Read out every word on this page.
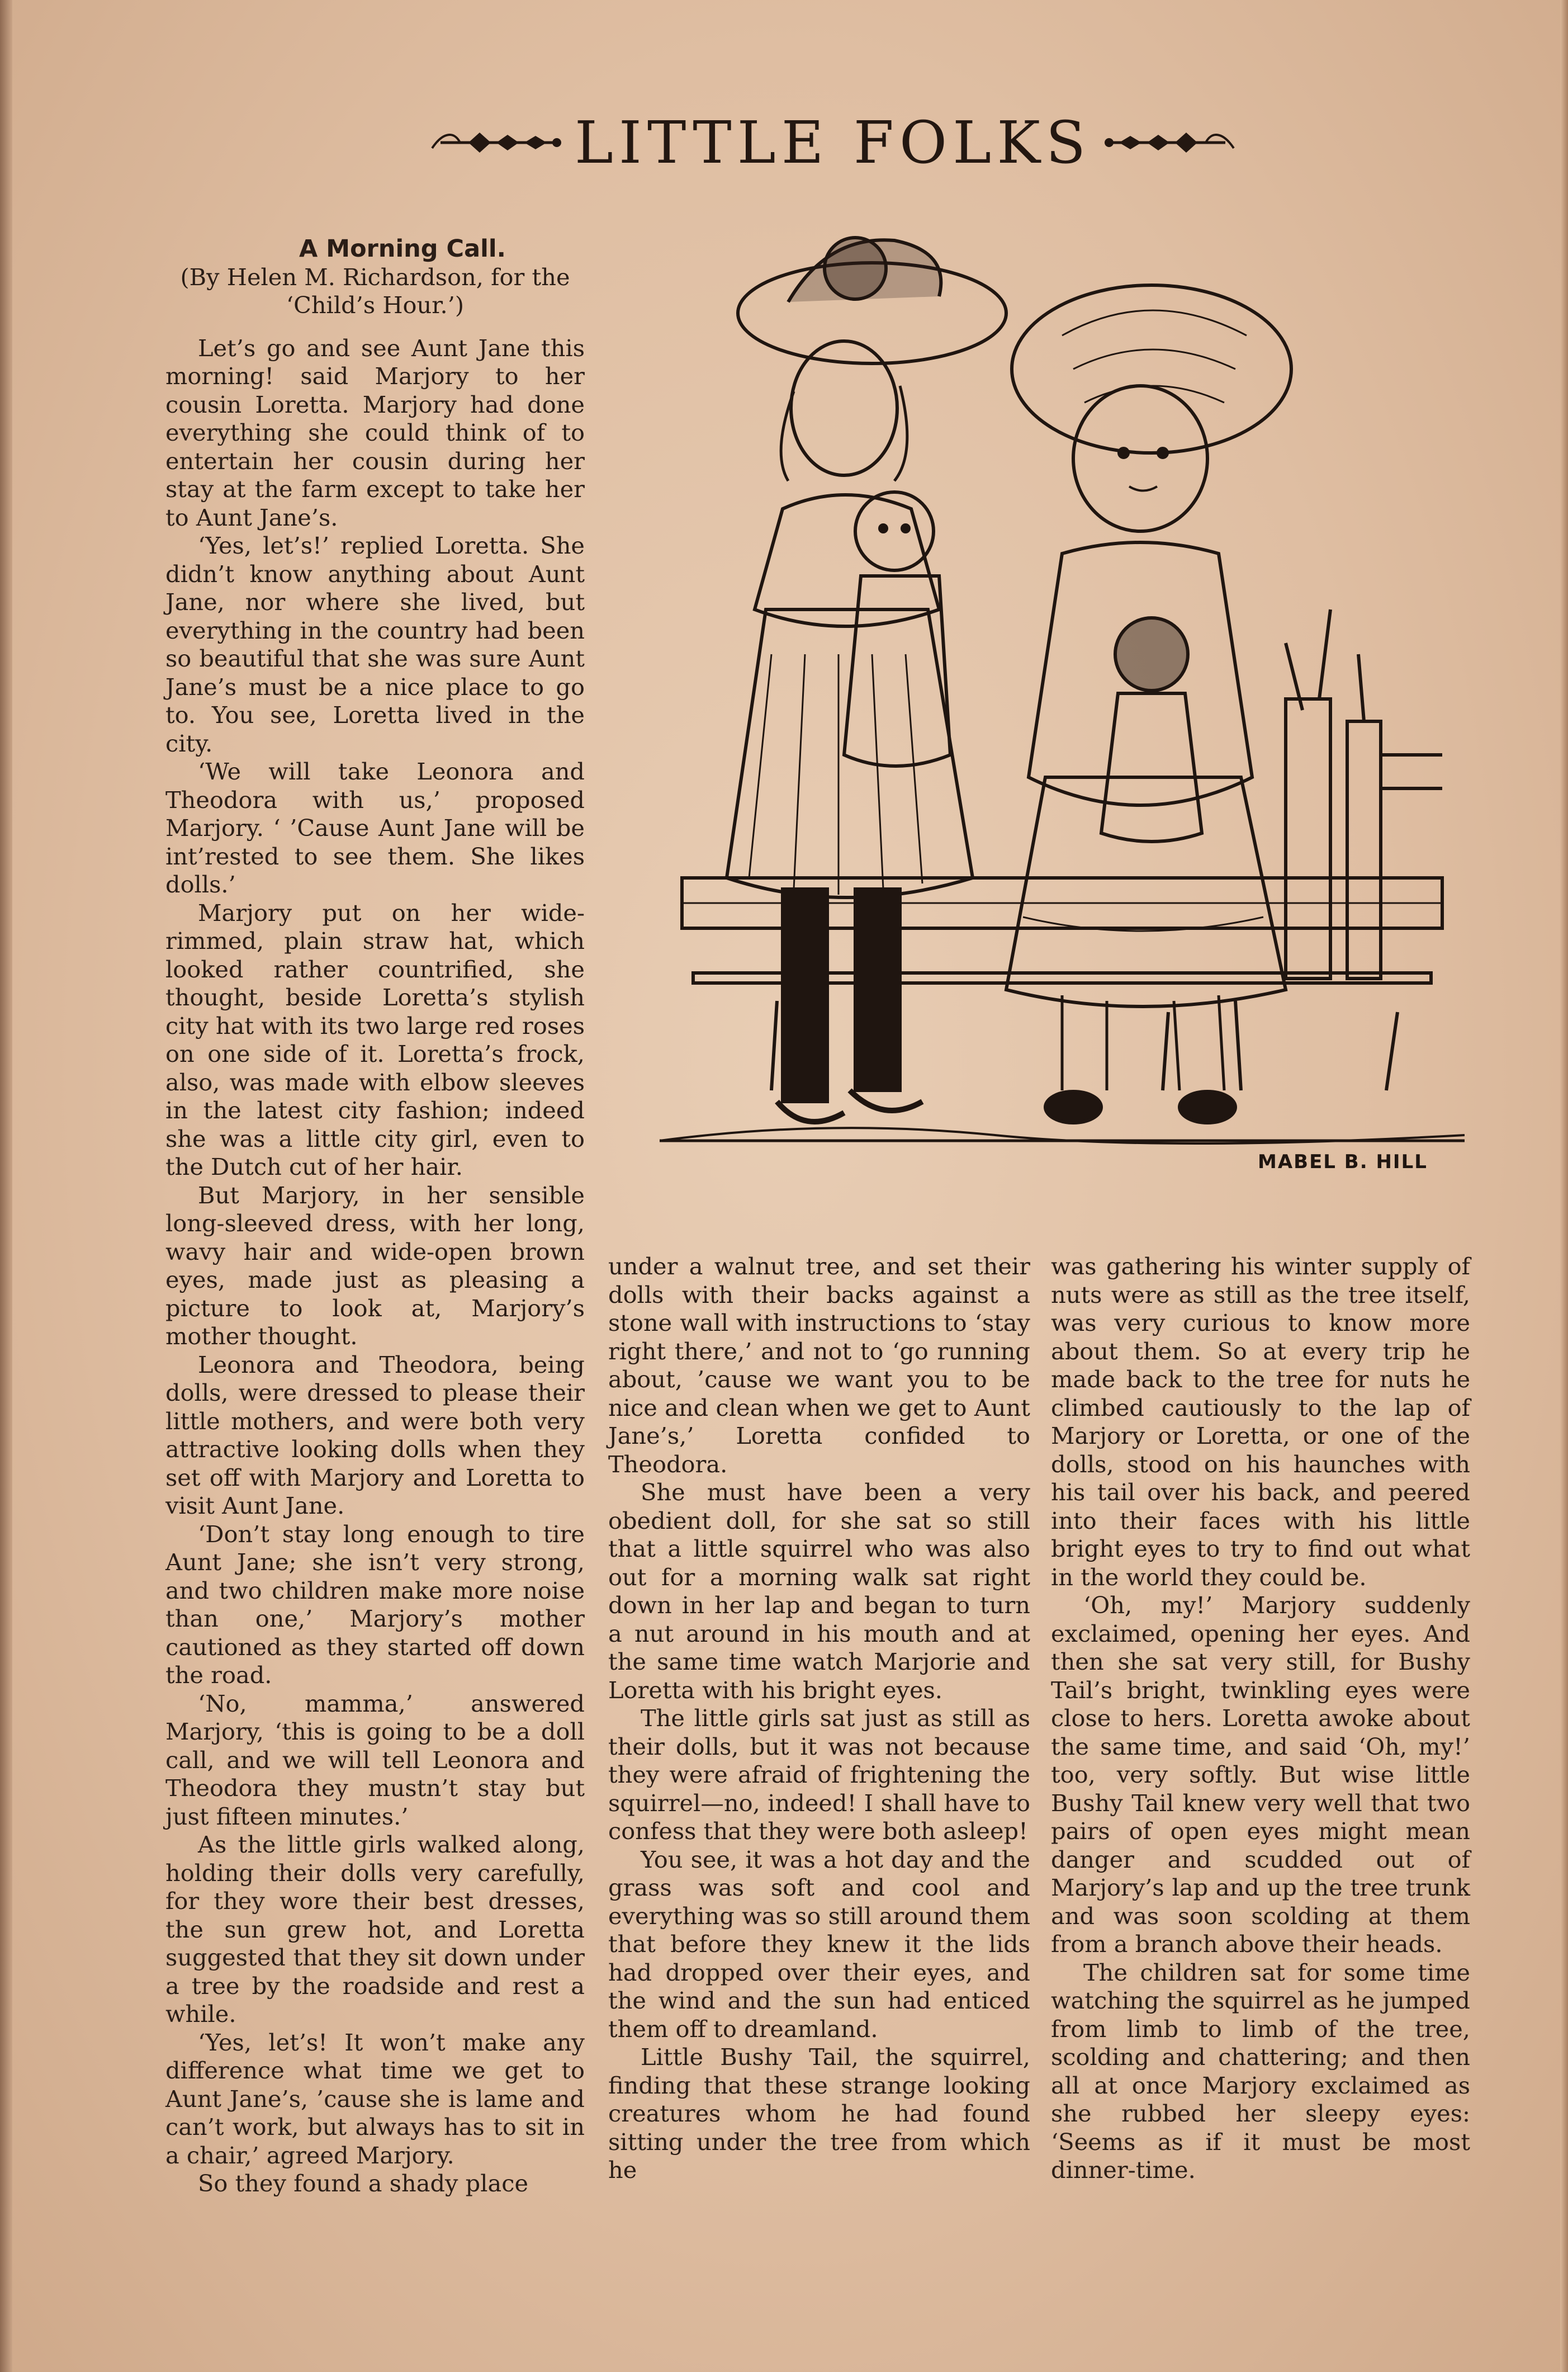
LITTLE FOLKS

A Morning Call.

(By Helen M. Richardson, for the ‘Child’s Hour.’)

Let’s go and see Aunt Jane this morning! said Marjory to her cousin Loretta. Marjory had done everything she could think of to entertain her cousin during her stay at the farm except to take her to Aunt Jane’s.

‘Yes, let’s!’ replied Loretta. She didn’t know anything about Aunt Jane, nor where she lived, but everything in the country had been so beautiful that she was sure Aunt Jane’s must be a nice place to go to. You see, Loretta lived in the city.

‘We will take Leonora and Theodora with us,’ proposed Marjory. ‘ ’Cause Aunt Jane will be int’rested to see them. She likes dolls.’

Marjory put on her wide-rimmed, plain straw hat, which looked rather countrified, she thought, beside Loretta’s stylish city hat with its two large red roses on one side of it. Loretta’s frock, also, was made with elbow sleeves in the latest city fashion; indeed she was a little city girl, even to the Dutch cut of her hair.

But Marjory, in her sensible long-sleeved dress, with her long, wavy hair and wide-open brown eyes, made just as pleasing a picture to look at, Marjory’s mother thought.

Leonora and Theodora, being dolls, were dressed to please their little mothers, and were both very attractive looking dolls when they set off with Marjory and Loretta to visit Aunt Jane.

‘Don’t stay long enough to tire Aunt Jane; she isn’t very strong, and two children make more noise than one,’ Marjory’s mother cautioned as they started off down the road.

‘No, mamma,’ answered Marjory, ‘this is going to be a doll call, and we will tell Leonora and Theodora they mustn’t stay but just fifteen minutes.’

As the little girls walked along, holding their dolls very carefully, for they wore their best dresses, the sun grew hot, and Loretta suggested that they sit down under a tree by the roadside and rest a while.

‘Yes, let’s! It won’t make any difference what time we get to Aunt Jane’s, ’cause she is lame and can’t work, but always has to sit in a chair,’ agreed Marjory.

So they found a shady place

MABEL B. HILL

under a walnut tree, and set their dolls with their backs against a stone wall with instructions to ‘stay right there,’ and not to ‘go running about, ’cause we want you to be nice and clean when we get to Aunt Jane’s,’ Loretta confided to Theodora.

She must have been a very obedient doll, for she sat so still that a little squirrel who was also out for a morning walk sat right down in her lap and began to turn a nut around in his mouth and at the same time watch Marjorie and Loretta with his bright eyes.

The little girls sat just as still as their dolls, but it was not because they were afraid of frightening the squirrel—no, indeed! I shall have to confess that they were both asleep!

You see, it was a hot day and the grass was soft and cool and everything was so still around them that before they knew it the lids had dropped over their eyes, and the wind and the sun had enticed them off to dreamland.

Little Bushy Tail, the squirrel, finding that these strange looking creatures whom he had found sitting under the tree from which he

was gathering his winter supply of nuts were as still as the tree itself, was very curious to know more about them. So at every trip he made back to the tree for nuts he climbed cautiously to the lap of Marjory or Loretta, or one of the dolls, stood on his haunches with his tail over his back, and peered into their faces with his little bright eyes to try to find out what in the world they could be.

‘Oh, my!’ Marjory suddenly exclaimed, opening her eyes. And then she sat very still, for Bushy Tail’s bright, twinkling eyes were close to hers. Loretta awoke about the same time, and said ‘Oh, my!’ too, very softly. But wise little Bushy Tail knew very well that two pairs of open eyes might mean danger and scudded out of Marjory’s lap and up the tree trunk and was soon scolding at them from a branch above their heads.

The children sat for some time watching the squirrel as he jumped from limb to limb of the tree, scolding and chattering; and then all at once Marjory exclaimed as she rubbed her sleepy eyes: ‘Seems as if it must be most dinner-time.
